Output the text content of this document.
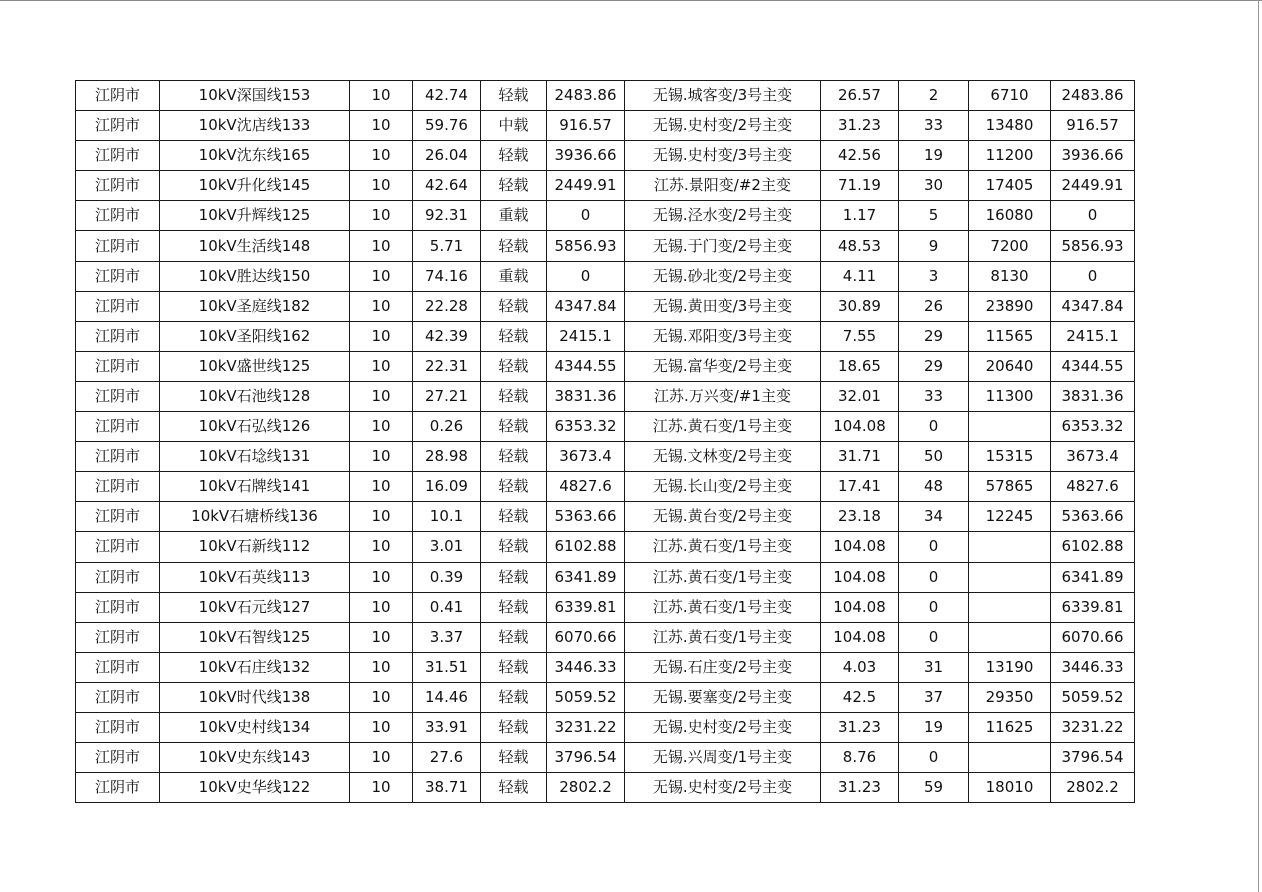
江阴市	10kV深国线153	10	42.74	轻载	2483.86	无锡.城客变/3号主变	26.57	2	6710	2483.86
江阴市	10kV沈店线133	10	59.76	中载	916.57	无锡.史村变/2号主变	31.23	33	13480	916.57
江阴市	10kV沈东线165	10	26.04	轻载	3936.66	无锡.史村变/3号主变	42.56	19	11200	3936.66
江阴市	10kV升化线145	10	42.64	轻载	2449.91	江苏.景阳变/#2主变	71.19	30	17405	2449.91
江阴市	10kV升辉线125	10	92.31	重载	0	无锡.泾水变/2号主变	1.17	5	16080	0
江阴市	10kV生活线148	10	5.71	轻载	5856.93	无锡.于门变/2号主变	48.53	9	7200	5856.93
江阴市	10kV胜达线150	10	74.16	重载	0	无锡.砂北变/2号主变	4.11	3	8130	0
江阴市	10kV圣庭线182	10	22.28	轻载	4347.84	无锡.黄田变/3号主变	30.89	26	23890	4347.84
江阴市	10kV圣阳线162	10	42.39	轻载	2415.1	无锡.邓阳变/3号主变	7.55	29	11565	2415.1
江阴市	10kV盛世线125	10	22.31	轻载	4344.55	无锡.富华变/2号主变	18.65	29	20640	4344.55
江阴市	10kV石池线128	10	27.21	轻载	3831.36	江苏.万兴变/#1主变	32.01	33	11300	3831.36
江阴市	10kV石弘线126	10	0.26	轻载	6353.32	江苏.黄石变/1号主变	104.08	0		6353.32
江阴市	10kV石埝线131	10	28.98	轻载	3673.4	无锡.文林变/2号主变	31.71	50	15315	3673.4
江阴市	10kV石牌线141	10	16.09	轻载	4827.6	无锡.长山变/2号主变	17.41	48	57865	4827.6
江阴市	10kV石塘桥线136	10	10.1	轻载	5363.66	无锡.黄台变/2号主变	23.18	34	12245	5363.66
江阴市	10kV石新线112	10	3.01	轻载	6102.88	江苏.黄石变/1号主变	104.08	0		6102.88
江阴市	10kV石英线113	10	0.39	轻载	6341.89	江苏.黄石变/1号主变	104.08	0		6341.89
江阴市	10kV石元线127	10	0.41	轻载	6339.81	江苏.黄石变/1号主变	104.08	0		6339.81
江阴市	10kV石智线125	10	3.37	轻载	6070.66	江苏.黄石变/1号主变	104.08	0		6070.66
江阴市	10kV石庄线132	10	31.51	轻载	3446.33	无锡.石庄变/2号主变	4.03	31	13190	3446.33
江阴市	10kV时代线138	10	14.46	轻载	5059.52	无锡.要塞变/2号主变	42.5	37	29350	5059.52
江阴市	10kV史村线134	10	33.91	轻载	3231.22	无锡.史村变/2号主变	31.23	19	11625	3231.22
江阴市	10kV史东线143	10	27.6	轻载	3796.54	无锡.兴周变/1号主变	8.76	0		3796.54
江阴市	10kV史华线122	10	38.71	轻载	2802.2	无锡.史村变/2号主变	31.23	59	18010	2802.2
